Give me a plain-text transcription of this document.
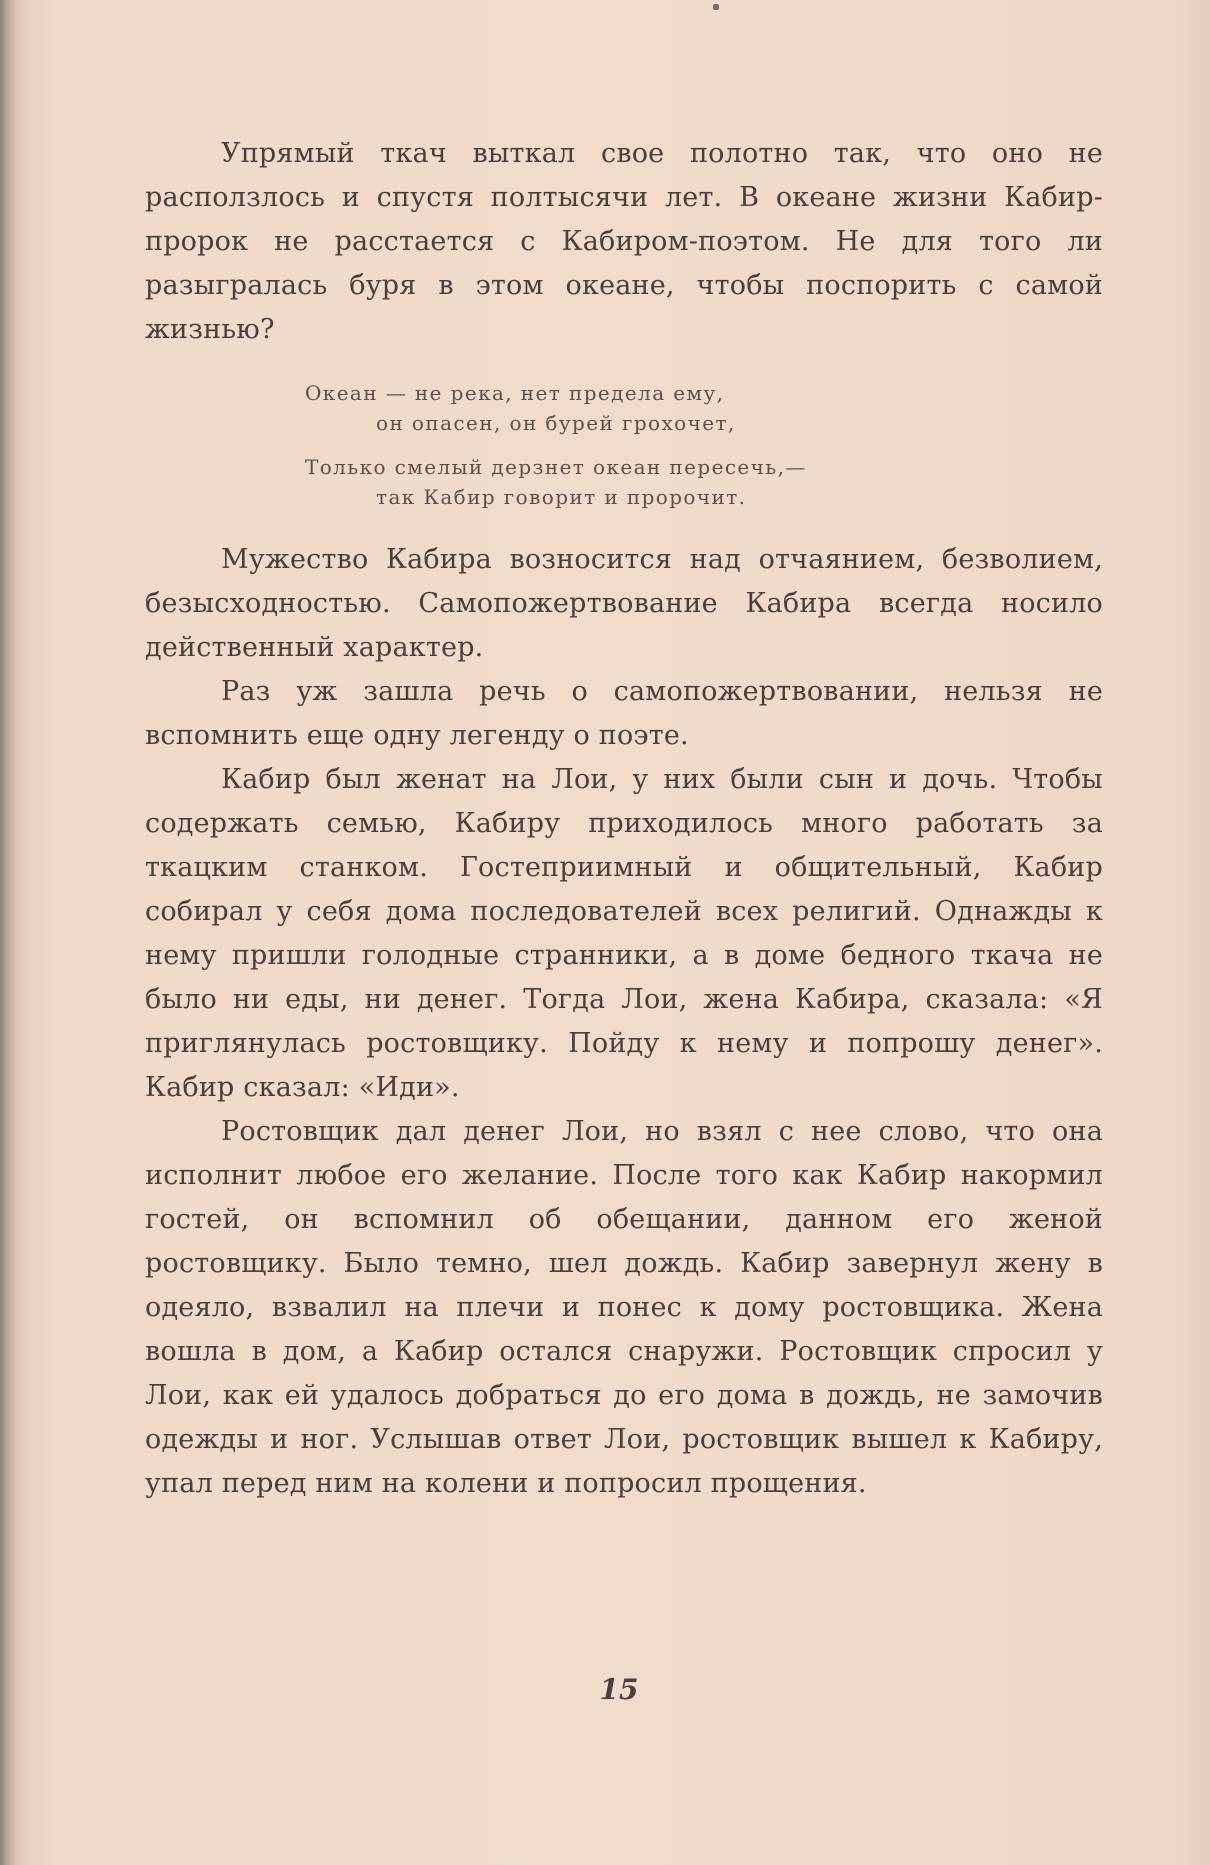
Упрямый ткач выткал свое полотно так, что оно не расползлось и спустя полтысячи лет. В океане жизни Кабир-пророк не расстается с Кабиром-поэтом. Не для того ли разыгралась буря в этом океане, чтобы поспорить с самой жизнью?

Океан — не река, нет предела ему,
он опасен, он бурей грохочет,
Только смелый дерзнет океан пересечь,—
так Кабир говорит и пророчит.

Мужество Кабира возносится над отчаянием, безволием, безысходностью. Самопожертвование Кабира всегда носило действенный характер.

Раз уж зашла речь о самопожертвовании, нельзя не вспомнить еще одну легенду о поэте.

Кабир был женат на Лои, у них были сын и дочь. Чтобы содержать семью, Кабиру приходилось много работать за ткацким станком. Гостеприимный и общительный, Кабир собирал у себя дома последователей всех религий. Однажды к нему пришли голодные странники, а в доме бедного ткача не было ни еды, ни денег. Тогда Лои, жена Кабира, сказала: «Я приглянулась ростовщику. Пойду к нему и попрошу денег». Кабир сказал: «Иди».

Ростовщик дал денег Лои, но взял с нее слово, что она исполнит любое его желание. После того как Кабир накормил гостей, он вспомнил об обещании, данном его женой ростовщику. Было темно, шел дождь. Кабир завернул жену в одеяло, взвалил на плечи и понес к дому ростовщика. Жена вошла в дом, а Кабир остался снаружи. Ростовщик спросил у Лои, как ей удалось добраться до его дома в дождь, не замочив одежды и ног. Услышав ответ Лои, ростовщик вышел к Кабиру, упал перед ним на колени и попросил прощения.

15
